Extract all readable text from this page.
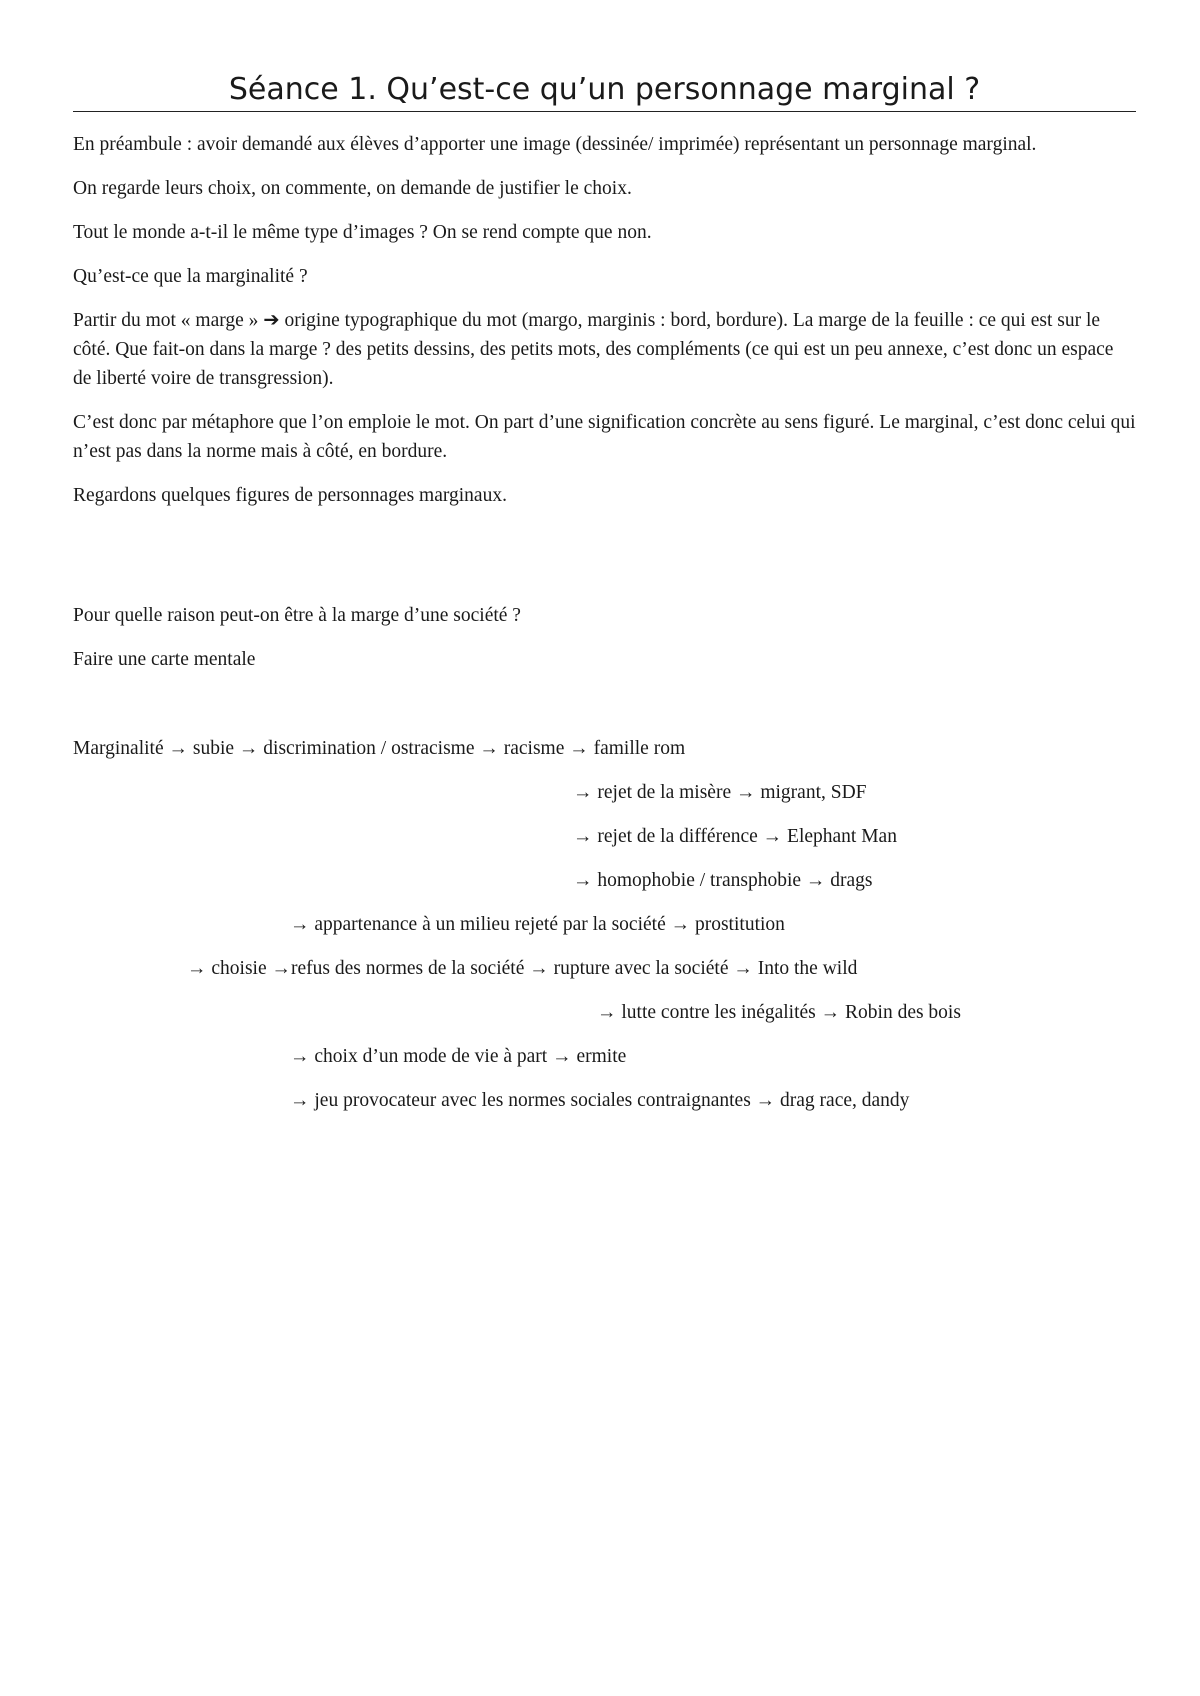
Séance 1. Qu’est-ce qu’un personnage marginal ?

En préambule : avoir demandé aux élèves d’apporter une image (dessinée/ imprimée) représentant un personnage marginal.

On regarde leurs choix, on commente, on demande de justifier le choix.

Tout le monde a-t-il le même type d’images ? On se rend compte que non.

Qu’est-ce que la marginalité ?

Partir du mot « marge » ➔ origine typographique du mot (margo, marginis : bord, bordure). La marge de la feuille : ce qui est sur le côté. Que fait-on dans la marge ? des petits dessins, des petits mots, des compléments (ce qui est un peu annexe, c’est donc un espace de liberté voire de transgression).

C’est donc par métaphore que l’on emploie le mot. On part d’une signification concrète au sens figuré. Le marginal, c’est donc celui qui n’est pas dans la norme mais à côté, en bordure.

Regardons quelques figures de personnages marginaux.

Pour quelle raison peut-on être à la marge d’une société ?
Faire une carte mentale
Marginalité → subie → discrimination / ostracisme → racisme → famille rom
→ rejet de la misère → migrant, SDF
→ rejet de la différence → Elephant Man
→ homophobie / transphobie → drags
→ appartenance à un milieu rejeté par la société → prostitution
→ choisie →refus des normes de la société → rupture avec la société → Into the wild
→ lutte contre les inégalités → Robin des bois
→ choix d’un mode de vie à part → ermite
→ jeu provocateur avec les normes sociales contraignantes → drag race, dandy
